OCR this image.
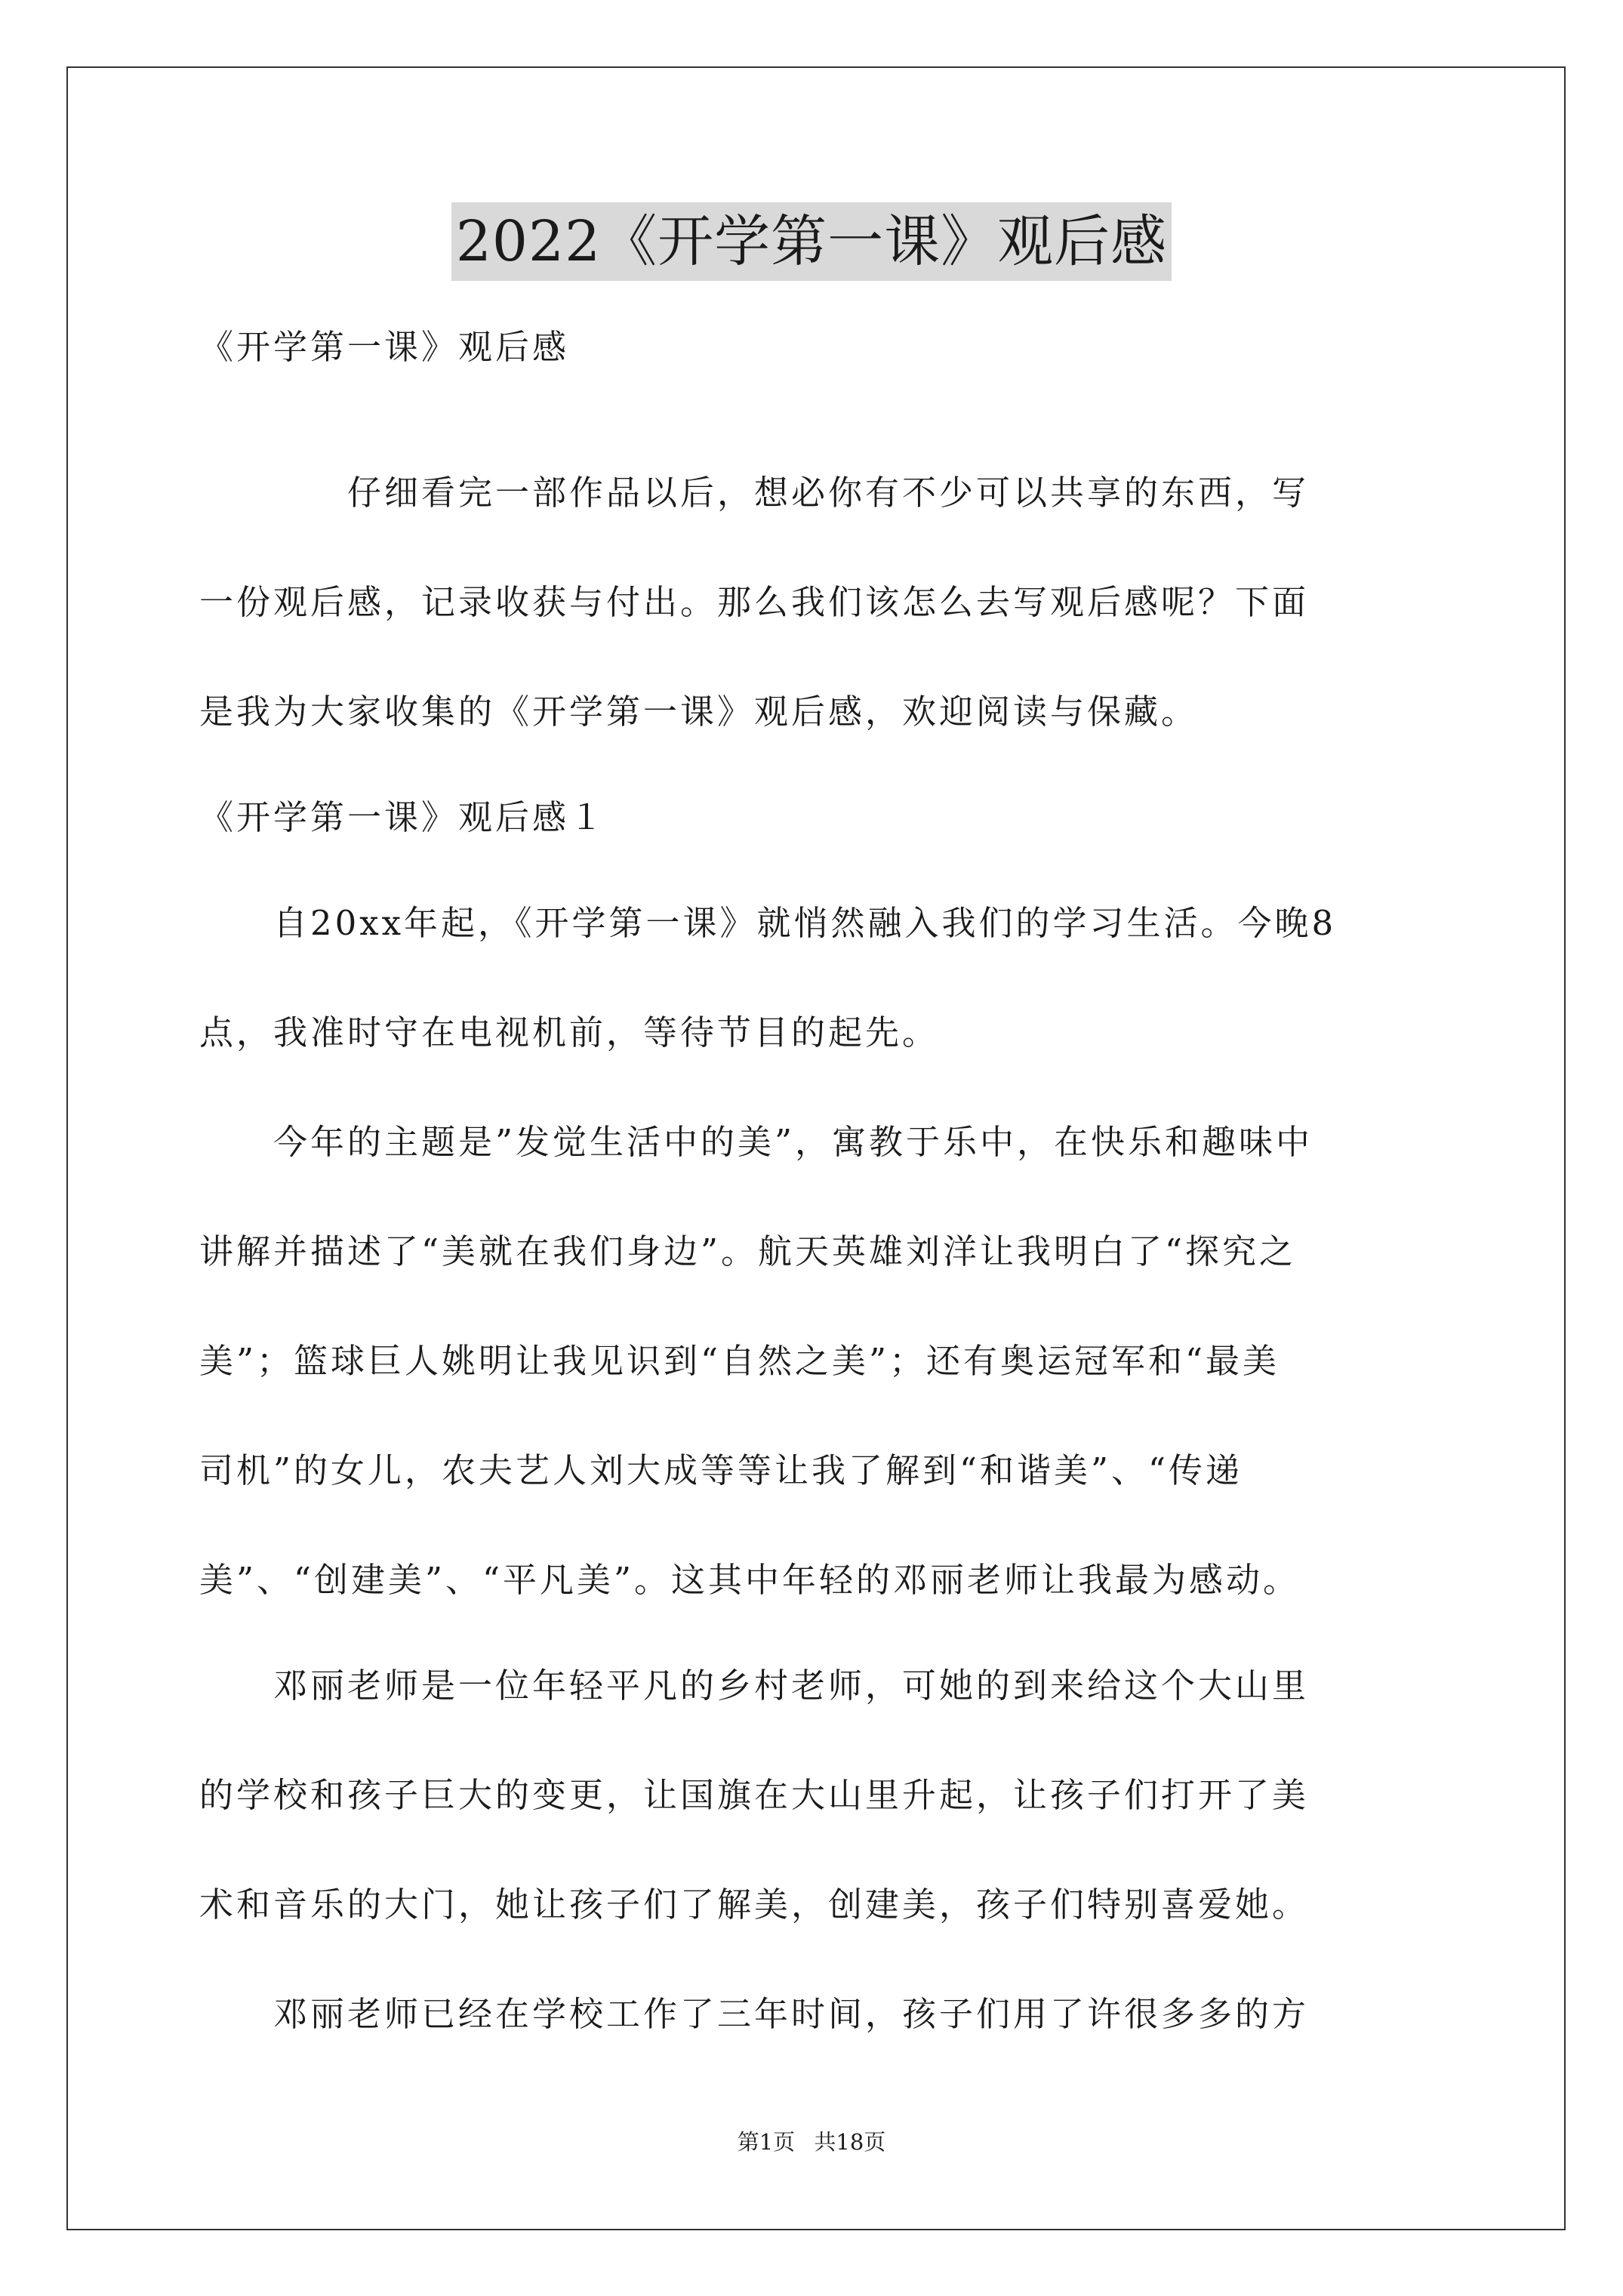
2022《开学第一课》观后感
《开学第一课》观后感
　　　　仔细看完一部作品以后，想必你有不少可以共享的东西，写
一份观后感，记录收获与付出。那么我们该怎么去写观后感呢？下面
是我为大家收集的《开学第一课》观后感，欢迎阅读与保藏。
《开学第一课》观后感１
　　自20xx年起，《开学第一课》就悄然融入我们的学习生活。今晚8
点，我准时守在电视机前，等待节目的起先。
　　今年的主题是”发觉生活中的美”，寓教于乐中，在快乐和趣味中
讲解并描述了“美就在我们身边”。航天英雄刘洋让我明白了“探究之
美”；篮球巨人姚明让我见识到“自然之美”；还有奥运冠军和“最美
司机”的女儿，农夫艺人刘大成等等让我了解到“和谐美”、“传递
美”、“创建美”、“平凡美”。这其中年轻的邓丽老师让我最为感动。
　　邓丽老师是一位年轻平凡的乡村老师，可她的到来给这个大山里
的学校和孩子巨大的变更，让国旗在大山里升起，让孩子们打开了美
术和音乐的大门，她让孩子们了解美，创建美，孩子们特别喜爱她。
　　邓丽老师已经在学校工作了三年时间，孩子们用了许很多多的方
第1页 共18页
